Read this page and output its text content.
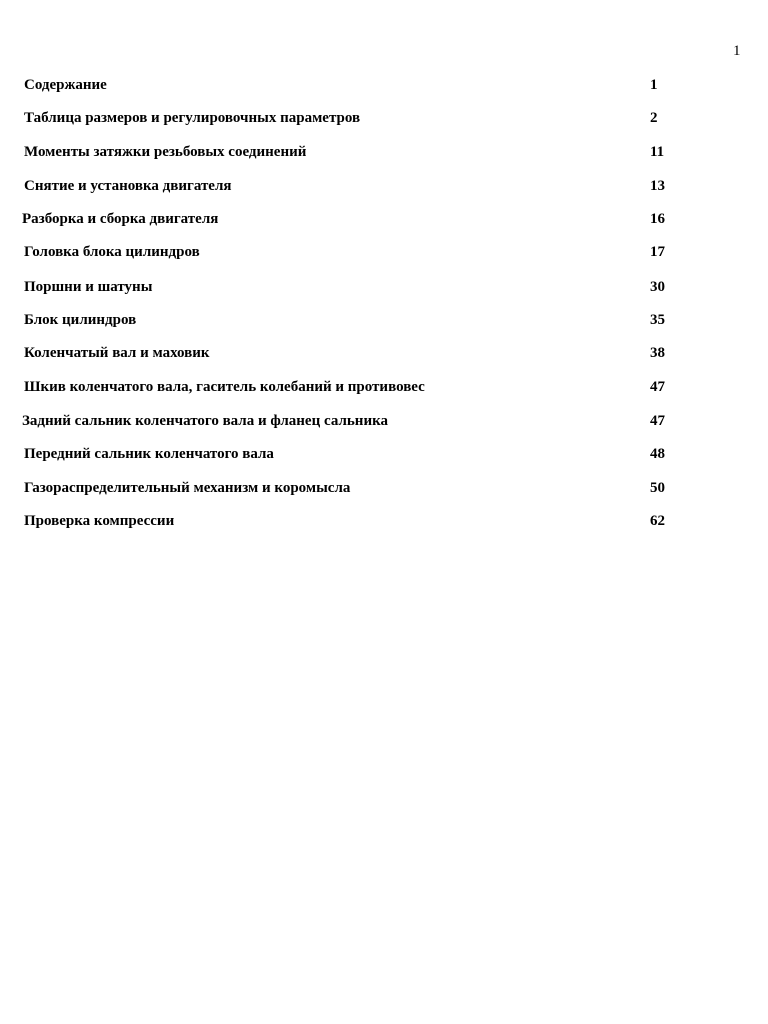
1
Содержание	1
Таблица размеров и регулировочных параметров	2
Моменты затяжки резьбовых соединений	11
Снятие и установка двигателя	13
Разборка и сборка двигателя	16
Головка блока цилиндров	17
Поршни и шатуны	30
Блок цилиндров	35
Коленчатый вал и маховик	38
Шкив коленчатого вала, гаситель колебаний и противовес	47
Задний сальник коленчатого вала и фланец сальника	47
Передний сальник коленчатого вала	48
Газораспределительный механизм и коромысла	50
Проверка компрессии	62
